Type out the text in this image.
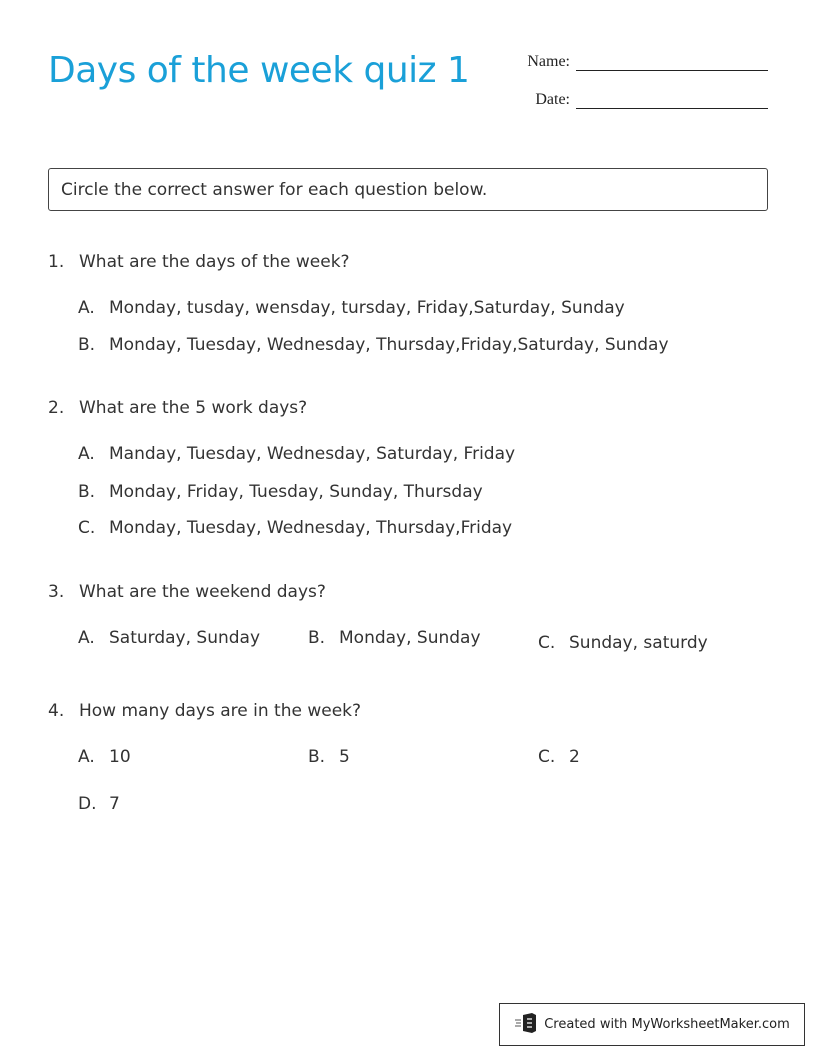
Days of the week quiz 1	Name:
Date:
Circle the correct answer for each question below.
1. What are the days of the week?
A. Monday, tusday, wensday, tursday, Friday,Saturday, Sunday
B. Monday, Tuesday, Wednesday, Thursday,Friday,Saturday, Sunday
2. What are the 5 work days?
A. Manday, Tuesday, Wednesday, Saturday, Friday
B. Monday, Friday, Tuesday, Sunday, Thursday
C. Monday, Tuesday, Wednesday, Thursday,Friday
3. What are the weekend days?
A. Saturday, Sunday	B. Monday, Sunday	C. Sunday, saturdy
4. How many days are in the week?
A. 10	B. 5	C. 2
D. 7
Created with MyWorksheetMaker.com
